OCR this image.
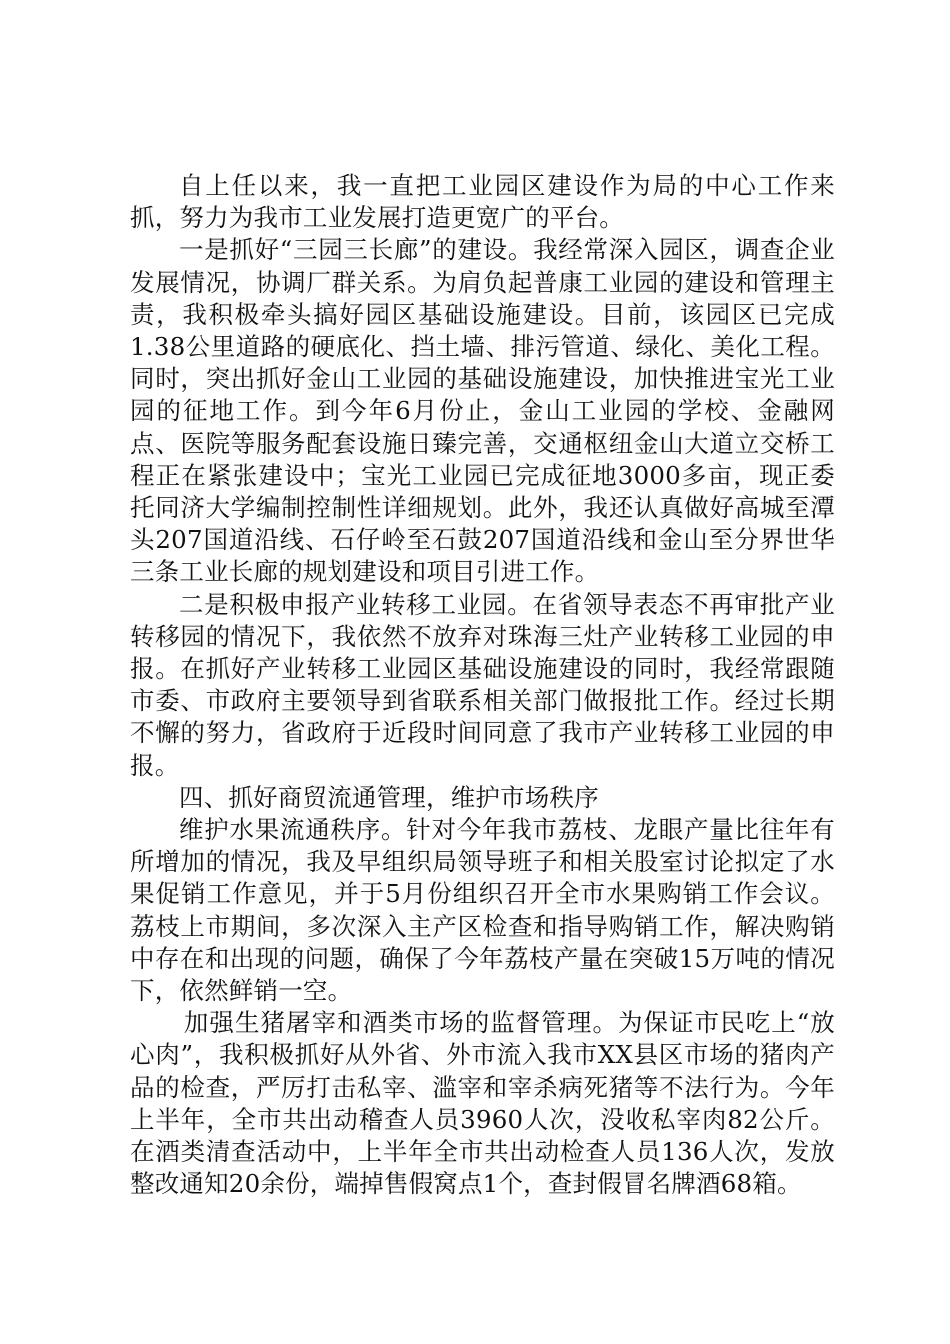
自上任以来，我一直把工业园区建设作为局的中心工作来抓，努力为我市工业发展打造更宽广的平台。

一是抓好“三园三长廊”的建设。我经常深入园区，调查企业发展情况，协调厂群关系。为肩负起普康工业园的建设和管理主责，我积极牵头搞好园区基础设施建设。目前，该园区已完成1.38公里道路的硬底化、挡土墙、排污管道、绿化、美化工程。同时，突出抓好金山工业园的基础设施建设，加快推进宝光工业园的征地工作。到今年6月份止，金山工业园的学校、金融网点、医院等服务配套设施日臻完善，交通枢纽金山大道立交桥工程正在紧张建设中；宝光工业园已完成征地3000多亩，现正委托同济大学编制控制性详细规划。此外，我还认真做好高城至潭头207国道沿线、石仔岭至石鼓207国道沿线和金山至分界世华三条工业长廊的规划建设和项目引进工作。

二是积极申报产业转移工业园。在省领导表态不再审批产业转移园的情况下，我依然不放弃对珠海三灶产业转移工业园的申报。在抓好产业转移工业园区基础设施建设的同时，我经常跟随市委、市政府主要领导到省联系相关部门做报批工作。经过长期不懈的努力，省政府于近段时间同意了我市产业转移工业园的申报。

四、抓好商贸流通管理，维护市场秩序

维护水果流通秩序。针对今年我市荔枝、龙眼产量比往年有所增加的情况，我及早组织局领导班子和相关股室讨论拟定了水果促销工作意见，并于5月份组织召开全市水果购销工作会议。荔枝上市期间，多次深入主产区检查和指导购销工作，解决购销中存在和出现的问题，确保了今年荔枝产量在突破15万吨的情况下，依然鲜销一空。

加强生猪屠宰和酒类市场的监督管理。为保证市民吃上“放心肉”，我积极抓好从外省、外市流入我市XX县区市场的猪肉产品的检查，严厉打击私宰、滥宰和宰杀病死猪等不法行为。今年上半年，全市共出动稽查人员3960人次，没收私宰肉82公斤。在酒类清查活动中，上半年全市共出动检查人员136人次，发放整改通知20余份，端掉售假窝点1个，查封假冒名牌酒68箱。
